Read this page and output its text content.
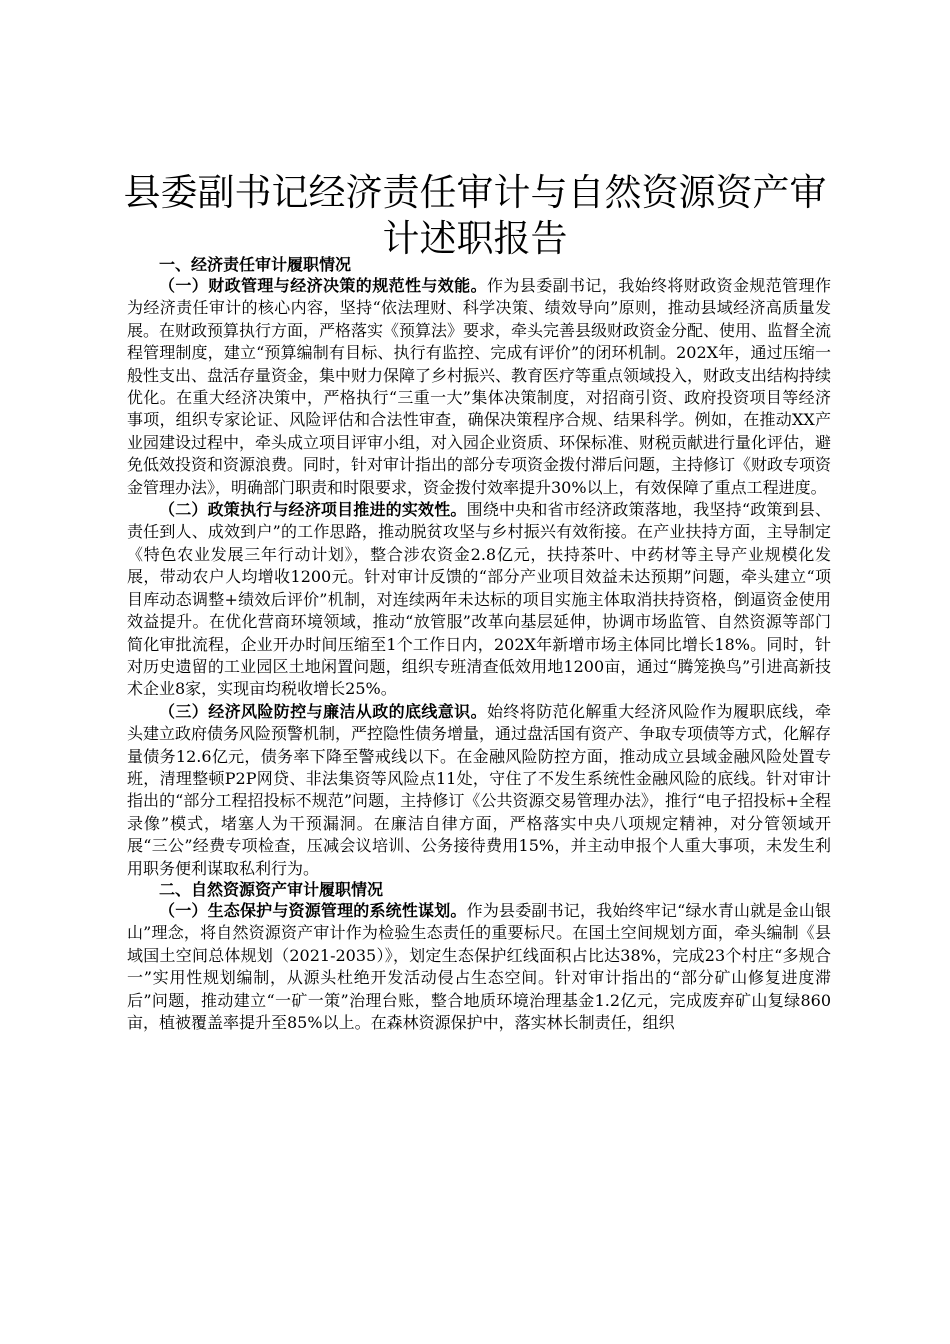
县委副书记经济责任审计与自然资源资产审计述职报告
一、经济责任审计履职情况

（一）财政管理与经济决策的规范性与效能。作为县委副书记，我始终将财政资金规范管理作为经济责任审计的核心内容，坚持“依法理财、科学决策、绩效导向”原则，推动县域经济高质量发展。在财政预算执行方面，严格落实《预算法》要求，牵头完善县级财政资金分配、使用、监督全流程管理制度，建立“预算编制有目标、执行有监控、完成有评价”的闭环机制。202X年，通过压缩一般性支出、盘活存量资金，集中财力保障了乡村振兴、教育医疗等重点领域投入，财政支出结构持续优化。在重大经济决策中，严格执行“三重一大”集体决策制度，对招商引资、政府投资项目等经济事项，组织专家论证、风险评估和合法性审查，确保决策程序合规、结果科学。例如，在推动XX产业园建设过程中，牵头成立项目评审小组，对入园企业资质、环保标准、财税贡献进行量化评估，避免低效投资和资源浪费。同时，针对审计指出的部分专项资金拨付滞后问题，主持修订《财政专项资金管理办法》，明确部门职责和时限要求，资金拨付效率提升30%以上，有效保障了重点工程进度。

（二）政策执行与经济项目推进的实效性。围绕中央和省市经济政策落地，我坚持“政策到县、责任到人、成效到户”的工作思路，推动脱贫攻坚与乡村振兴有效衔接。在产业扶持方面，主导制定《特色农业发展三年行动计划》，整合涉农资金2.8亿元，扶持茶叶、中药材等主导产业规模化发展，带动农户人均增收1200元。针对审计反馈的“部分产业项目效益未达预期”问题，牵头建立“项目库动态调整+绩效后评价”机制，对连续两年未达标的项目实施主体取消扶持资格，倒逼资金使用效益提升。在优化营商环境领域，推动“放管服”改革向基层延伸，协调市场监管、自然资源等部门简化审批流程，企业开办时间压缩至1个工作日内，202X年新增市场主体同比增长18%。同时，针对历史遗留的工业园区土地闲置问题，组织专班清查低效用地1200亩，通过“腾笼换鸟”引进高新技术企业8家，实现亩均税收增长25%。

（三）经济风险防控与廉洁从政的底线意识。始终将防范化解重大经济风险作为履职底线，牵头建立政府债务风险预警机制，严控隐性债务增量，通过盘活国有资产、争取专项债等方式，化解存量债务12.6亿元，债务率下降至警戒线以下。在金融风险防控方面，推动成立县域金融风险处置专班，清理整顿P2P网贷、非法集资等风险点11处，守住了不发生系统性金融风险的底线。针对审计指出的“部分工程招投标不规范”问题，主持修订《公共资源交易管理办法》，推行“电子招投标+全程录像”模式，堵塞人为干预漏洞。在廉洁自律方面，严格落实中央八项规定精神，对分管领域开展“三公”经费专项检查，压减会议培训、公务接待费用15%，并主动申报个人重大事项，未发生利用职务便利谋取私利行为。

二、自然资源资产审计履职情况

（一）生态保护与资源管理的系统性谋划。作为县委副书记，我始终牢记“绿水青山就是金山银山”理念，将自然资源资产审计作为检验生态责任的重要标尺。在国土空间规划方面，牵头编制《县域国土空间总体规划（2021-2035）》，划定生态保护红线面积占比达38%，完成23个村庄“多规合一”实用性规划编制，从源头杜绝开发活动侵占生态空间。针对审计指出的“部分矿山修复进度滞后”问题，推动建立“一矿一策”治理台账，整合地质环境治理基金1.2亿元，完成废弃矿山复绿860亩，植被覆盖率提升至85%以上。在森林资源保护中，落实林长制责任，组织
